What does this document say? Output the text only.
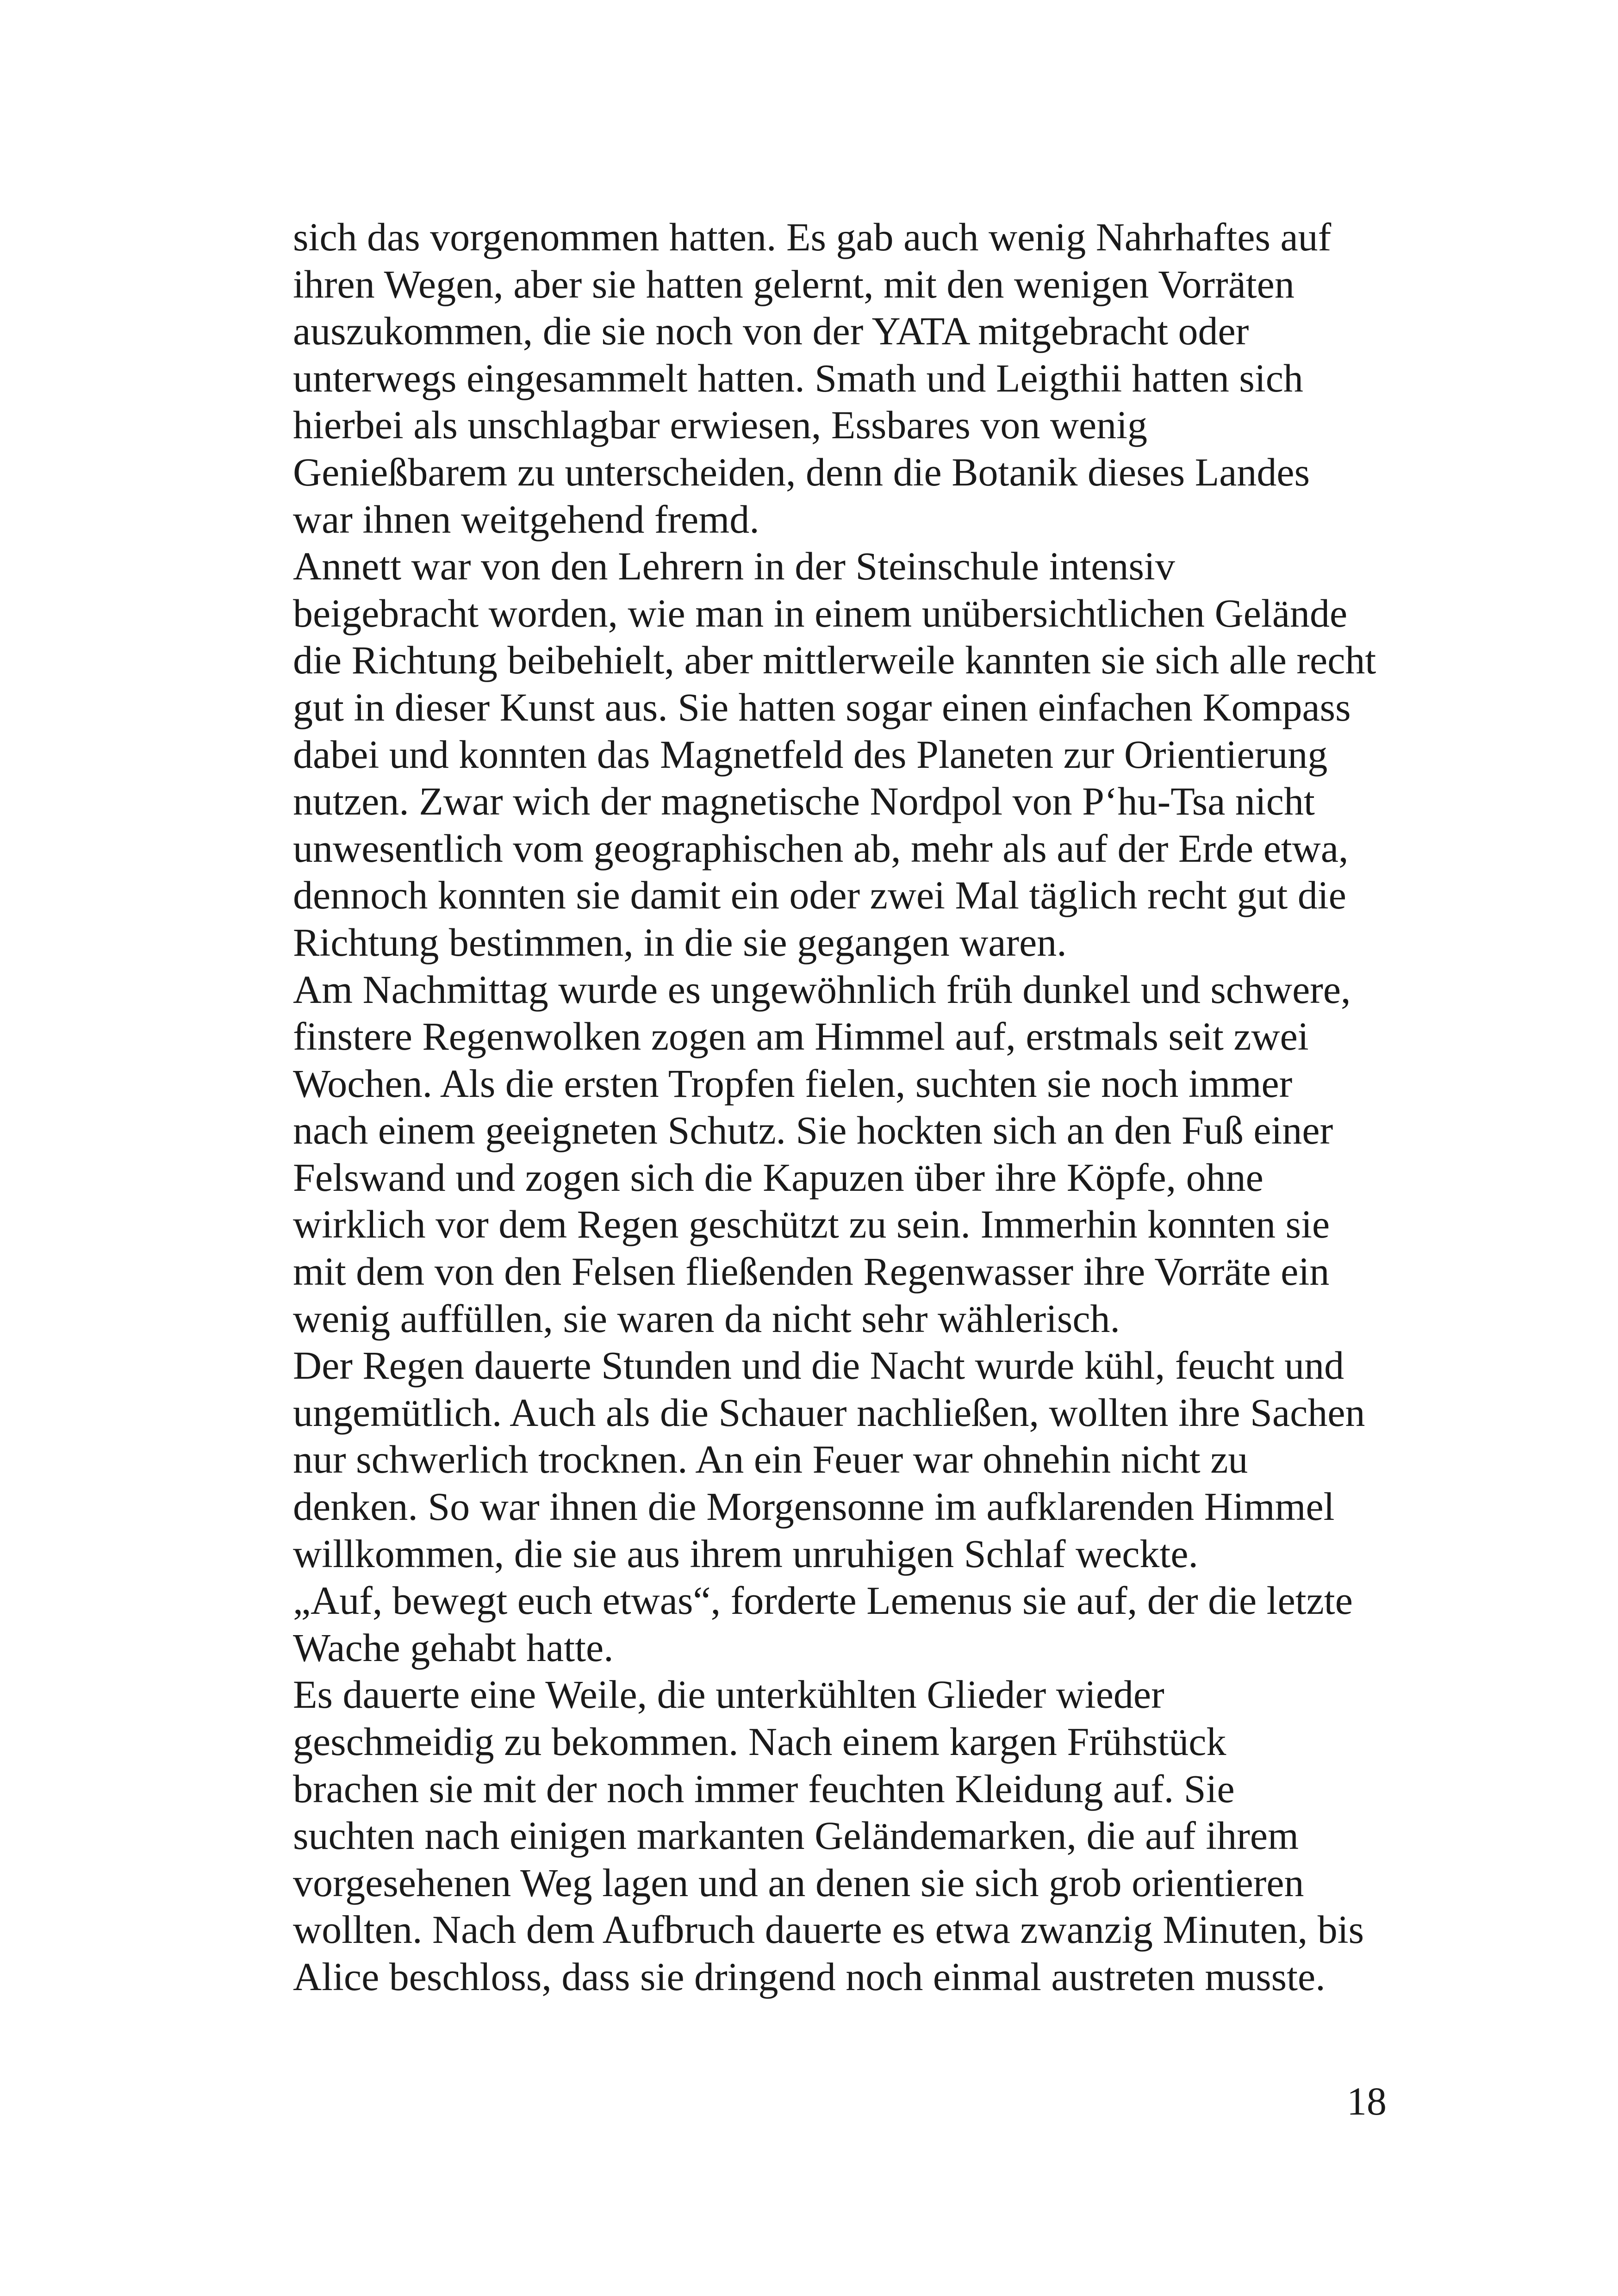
sich das vorgenommen hatten. Es gab auch wenig Nahrhaftes auf
ihren Wegen, aber sie hatten gelernt, mit den wenigen Vorräten
auszukommen, die sie noch von der YATA mitgebracht oder
unterwegs eingesammelt hatten. Smath und Leigthii hatten sich
hierbei als unschlagbar erwiesen, Essbares von wenig
Genießbarem zu unterscheiden, denn die Botanik dieses Landes
war ihnen weitgehend fremd.
Annett war von den Lehrern in der Steinschule intensiv
beigebracht worden, wie man in einem unübersichtlichen Gelände
die Richtung beibehielt, aber mittlerweile kannten sie sich alle recht
gut in dieser Kunst aus. Sie hatten sogar einen einfachen Kompass
dabei und konnten das Magnetfeld des Planeten zur Orientierung
nutzen. Zwar wich der magnetische Nordpol von P‘hu-Tsa nicht
unwesentlich vom geographischen ab, mehr als auf der Erde etwa,
dennoch konnten sie damit ein oder zwei Mal täglich recht gut die
Richtung bestimmen, in die sie gegangen waren.
Am Nachmittag wurde es ungewöhnlich früh dunkel und schwere,
finstere Regenwolken zogen am Himmel auf, erstmals seit zwei
Wochen. Als die ersten Tropfen fielen, suchten sie noch immer
nach einem geeigneten Schutz. Sie hockten sich an den Fuß einer
Felswand und zogen sich die Kapuzen über ihre Köpfe, ohne
wirklich vor dem Regen geschützt zu sein. Immerhin konnten sie
mit dem von den Felsen fließenden Regenwasser ihre Vorräte ein
wenig auffüllen, sie waren da nicht sehr wählerisch.
Der Regen dauerte Stunden und die Nacht wurde kühl, feucht und
ungemütlich. Auch als die Schauer nachließen, wollten ihre Sachen
nur schwerlich trocknen. An ein Feuer war ohnehin nicht zu
denken. So war ihnen die Morgensonne im aufklarenden Himmel
willkommen, die sie aus ihrem unruhigen Schlaf weckte.
„Auf, bewegt euch etwas“, forderte Lemenus sie auf, der die letzte
Wache gehabt hatte.
Es dauerte eine Weile, die unterkühlten Glieder wieder
geschmeidig zu bekommen. Nach einem kargen Frühstück
brachen sie mit der noch immer feuchten Kleidung auf. Sie
suchten nach einigen markanten Geländemarken, die auf ihrem
vorgesehenen Weg lagen und an denen sie sich grob orientieren
wollten. Nach dem Aufbruch dauerte es etwa zwanzig Minuten, bis
Alice beschloss, dass sie dringend noch einmal austreten musste.
18
